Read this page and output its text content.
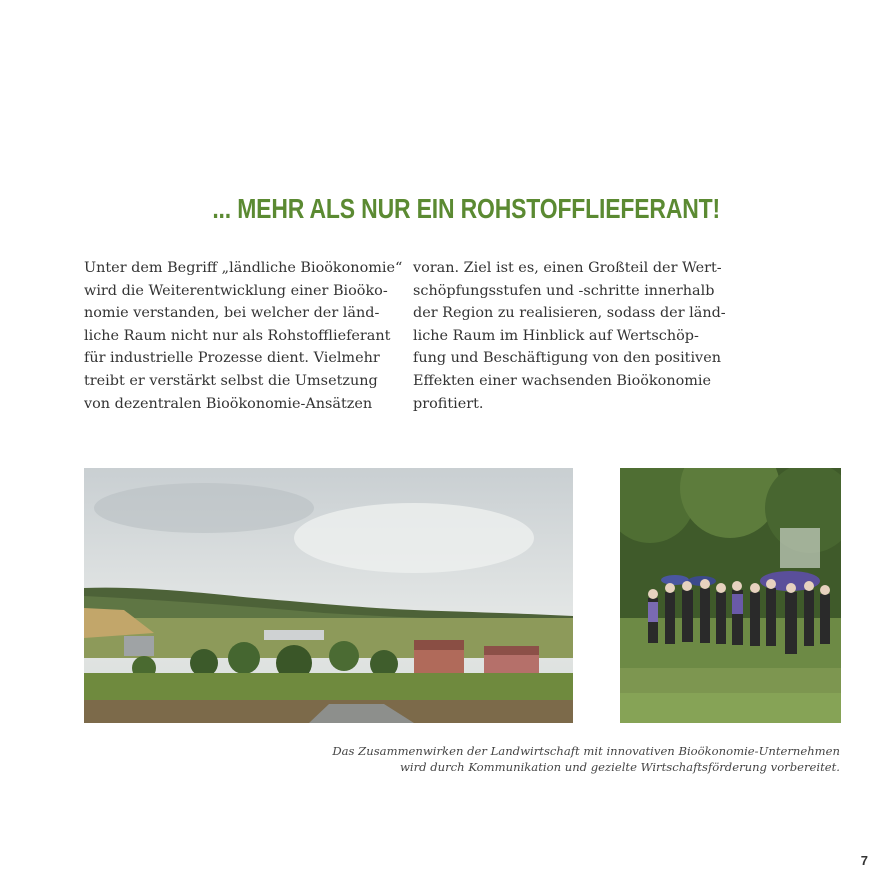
... MEHR ALS NUR EIN ROHSTOFFLIEFERANT!
Unter dem Begriff „ländliche Bioökonomie“
wird die Weiterentwicklung einer Bioöko-
nomie verstanden, bei welcher der länd-
liche Raum nicht nur als Rohstofflieferant
für industrielle Prozesse dient. Vielmehr
treibt er verstärkt selbst die Umsetzung
von dezentralen Bioökonomie-Ansätzen
voran. Ziel ist es, einen Großteil der Wert-
schöpfungsstufen und -schritte innerhalb
der Region zu realisieren, sodass der länd-
liche Raum im Hinblick auf Wertschöp-
fung und Beschäftigung von den positiven
Effekten einer wachsenden Bioökonomie
profitiert.
Das Zusammenwirken der Landwirtschaft mit innovativen Bioökonomie-Unternehmen
wird durch Kommunikation und gezielte Wirtschaftsförderung vorbereitet.
7
